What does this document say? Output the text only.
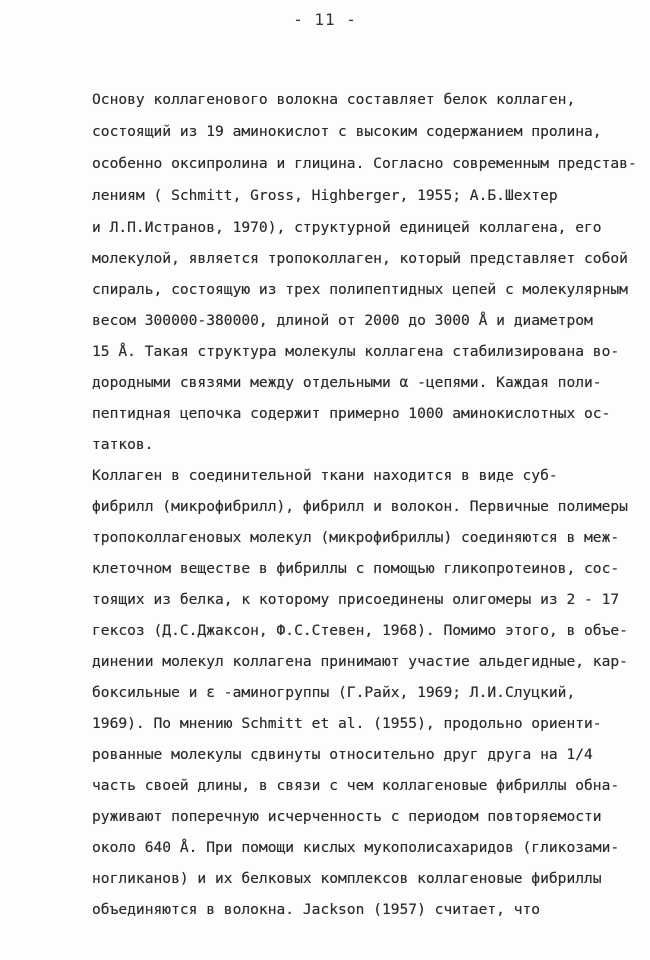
- 11 -
Основу коллагенового волокна составляет белок коллаген,
состоящий из 19 аминокислот с высоким содержанием пролина,
особенно оксипролина и глицина. Согласно современным представ-
лениям ( Schmitt, Gross, Highberger, 1955; А.Б.Шехтер
и Л.П.Истранов, 1970), структурной единицей коллагена, его
молекулой, является тропоколлаген, который представляет собой
спираль, состоящую из трех полипептидных цепей с молекулярным
весом 300000-380000, длиной от 2000 до 3000 Å и диаметром
15 Å. Такая структура молекулы коллагена стабилизирована во-
дородными связями между отдельными α -цепями. Каждая поли-
пептидная цепочка содержит примерно 1000 аминокислотных ос-
татков.
Коллаген в соединительной ткани находится в виде суб-
фибрилл (микрофибрилл), фибрилл и волокон. Первичные полимеры
тропоколлагеновых молекул (микрофибриллы) соединяются в меж-
клеточном веществе в фибриллы с помощью гликопротеинов, сос-
тоящих из белка, к которому присоединены олигомеры из 2 - 17
гексоз (Д.С.Джаксон, Ф.С.Стевен, 1968). Помимо этого, в объе-
динении молекул коллагена принимают участие альдегидные, кар-
боксильные и ε -аминогруппы (Г.Райх, 1969; Л.И.Слуцкий,
1969). По мнению Schmitt et al. (1955), продольно ориенти-
рованные молекулы сдвинуты относительно друг друга на 1/4
часть своей длины, в связи с чем коллагеновые фибриллы обна-
руживают поперечную исчерченность с периодом повторяемости
около 640 Å. При помощи кислых мукополисахаридов (гликозами-
ногликанов) и их белковых комплексов коллагеновые фибриллы
объединяются в волокна. Jackson (1957) считает, что
